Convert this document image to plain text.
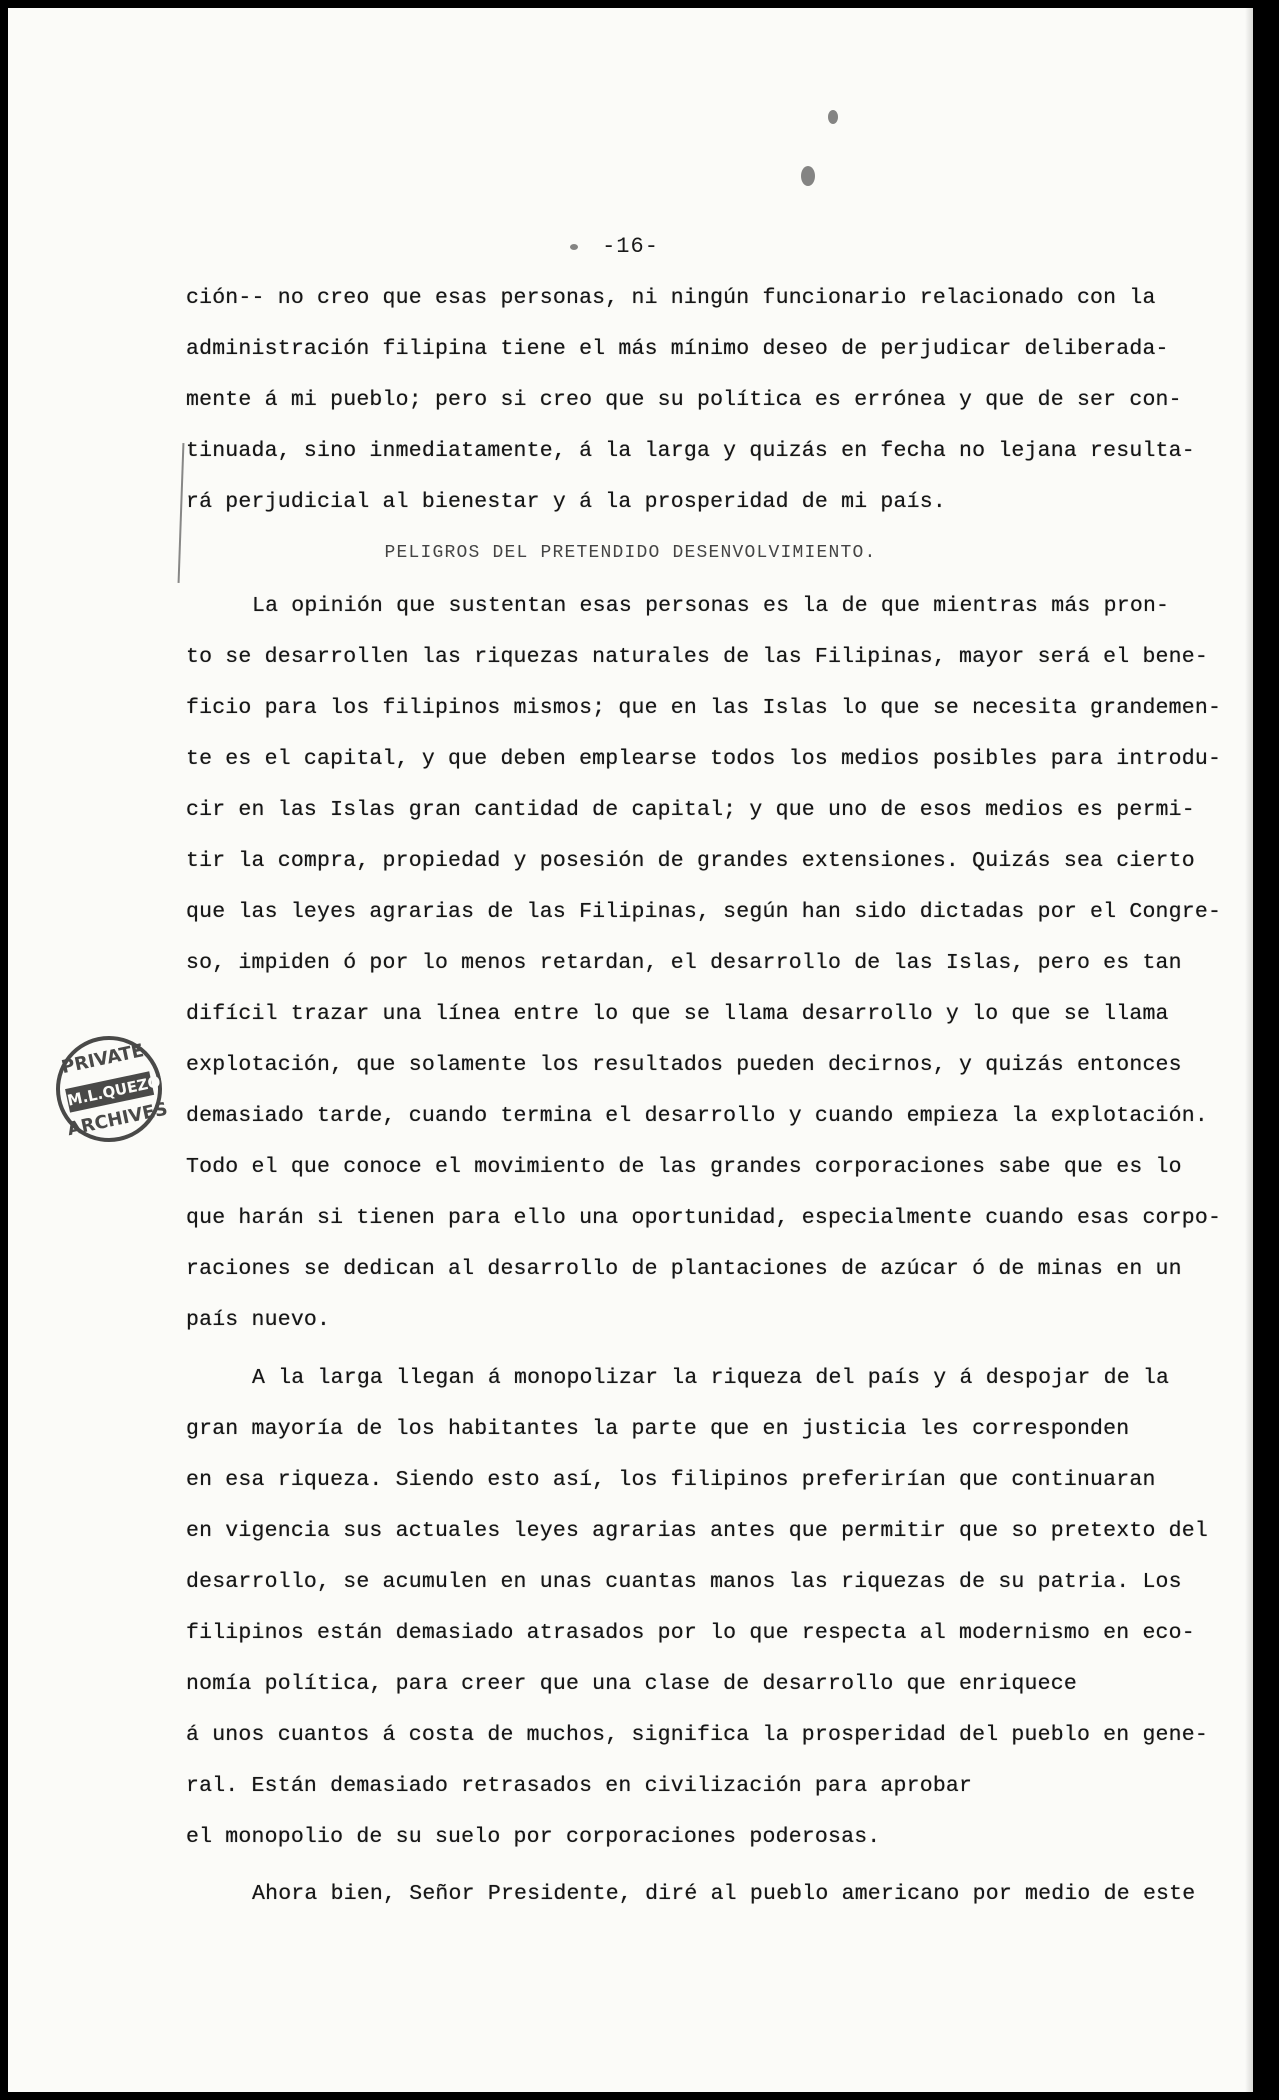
-16-
ción-- no creo que esas personas, ni ningún funcionario relacionado con la
administración filipina tiene el más mínimo deseo de perjudicar deliberada-
mente á mi pueblo; pero si creo que su política es errónea y que de ser con-
tinuada, sino inmediatamente, á la larga y quizás en fecha no lejana resulta-
rá perjudicial al bienestar y á la prosperidad de mi país.
PELIGROS DEL PRETENDIDO DESENVOLVIMIENTO.
La opinión que sustentan esas personas es la de que mientras más pron-
to se desarrollen las riquezas naturales de las Filipinas, mayor será el bene-
ficio para los filipinos mismos; que en las Islas lo que se necesita grandemen-
te es el capital, y que deben emplearse todos los medios posibles para introdu-
cir en las Islas gran cantidad de capital; y que uno de esos medios es permi-
tir la compra, propiedad y posesión de grandes extensiones. Quizás sea cierto
que las leyes agrarias de las Filipinas, según han sido dictadas por el Congre-
so, impiden ó por lo menos retardan, el desarrollo de las Islas, pero es tan
difícil trazar una línea entre lo que se llama desarrollo y lo que se llama
explotación, que solamente los resultados pueden decirnos, y quizás entonces
demasiado tarde, cuando termina el desarrollo y cuando empieza la explotación.
Todo el que conoce el movimiento de las grandes corporaciones sabe que es lo
que harán si tienen para ello una oportunidad, especialmente cuando esas corpo-
raciones se dedican al desarrollo de plantaciones de azúcar ó de minas en un
país nuevo.
A la larga llegan á monopolizar la riqueza del país y á despojar de la
gran mayoría de los habitantes la parte que en justicia les corresponden
en esa riqueza. Siendo esto así, los filipinos preferirían que continuaran
en vigencia sus actuales leyes agrarias antes que permitir que so pretexto del
desarrollo, se acumulen en unas cuantas manos las riquezas de su patria. Los
filipinos están demasiado atrasados por lo que respecta al modernismo en eco-
nomía política, para creer que una clase de desarrollo que enriquece
á unos cuantos á costa de muchos, significa la prosperidad del pueblo en gene-
ral. Están demasiado retrasados en civilización para aprobar
el monopolio de su suelo por corporaciones poderosas.
Ahora bien, Señor Presidente, diré al pueblo americano por medio de este
PRIVATE
M.L.QUEZON
ARCHIVES
